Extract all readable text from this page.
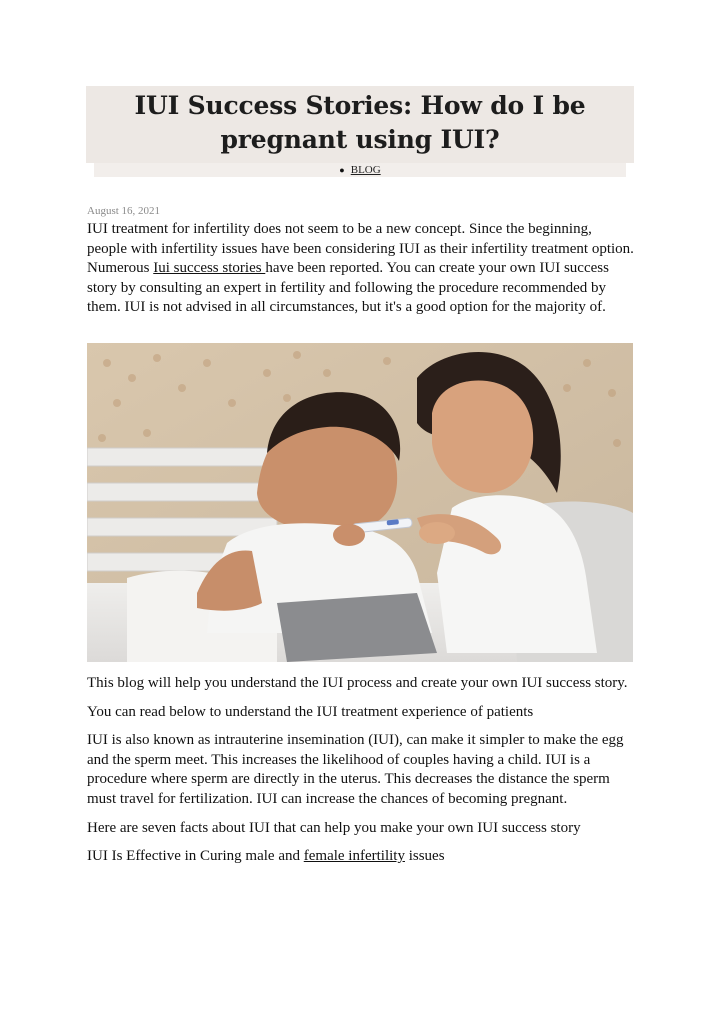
IUI Success Stories: How do I be pregnant using IUI?
● BLOG
August 16, 2021

IUI treatment for infertility does not seem to be a new concept. Since the beginning, people with infertility issues have been considering IUI as their infertility treatment option. Numerous Iui success stories have been reported. You can create your own IUI success story by consulting an expert in fertility and following the procedure recommended by them. IUI is not advised in all circumstances, but it's a good option for the majority of.

This blog will help you understand the IUI process and create your own IUI success story.

You can read below to understand the IUI treatment experience of patients

IUI is also known as intrauterine insemination (IUI), can make it simpler to make the egg and the sperm meet. This increases the likelihood of couples having a child. IUI is a procedure where sperm are directly in the uterus. This decreases the distance the sperm must travel for fertilization. IUI can increase the chances of becoming pregnant.

Here are seven facts about IUI that can help you make your own IUI success story

IUI Is Effective in Curing male and female infertility issues
